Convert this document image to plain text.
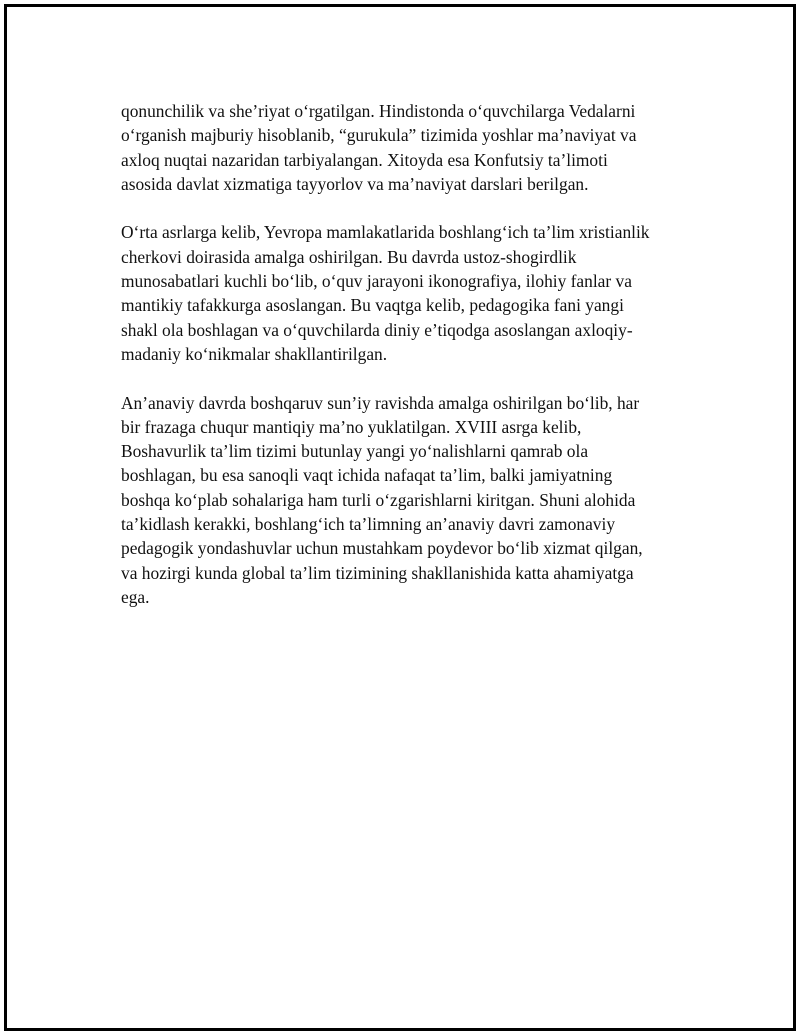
qonunchilik va she’riyat o‘rgatilgan. Hindistonda o‘quvchilarga Vedalarni
o‘rganish majburiy hisoblanib, “gurukula” tizimida yoshlar ma’naviyat va
axloq nuqtai nazaridan tarbiyalangan. Xitoyda esa Konfutsiy ta’limoti
asosida davlat xizmatiga tayyorlov va ma’naviyat darslari berilgan.

O‘rta asrlarga kelib, Yevropa mamlakatlarida boshlang‘ich ta’lim xristianlik
cherkovi doirasida amalga oshirilgan. Bu davrda ustoz-shogirdlik
munosabatlari kuchli bo‘lib, o‘quv jarayoni ikonografiya, ilohiy fanlar va
mantikiy tafakkurga asoslangan. Bu vaqtga kelib, pedagogika fani yangi
shakl ola boshlagan va o‘quvchilarda diniy e’tiqodga asoslangan axloqiy-
madaniy ko‘nikmalar shakllantirilgan.

An’anaviy davrda boshqaruv sun’iy ravishda amalga oshirilgan bo‘lib, har
bir frazaga chuqur mantiqiy ma’no yuklatilgan. XVIII asrga kelib,
Boshavurlik ta’lim tizimi butunlay yangi yo‘nalishlarni qamrab ola
boshlagan, bu esa sanoqli vaqt ichida nafaqat ta’lim, balki jamiyatning
boshqa ko‘plab sohalariga ham turli o‘zgarishlarni kiritgan. Shuni alohida
ta’kidlash kerakki, boshlang‘ich ta’limning an’anaviy davri zamonaviy
pedagogik yondashuvlar uchun mustahkam poydevor bo‘lib xizmat qilgan,
va hozirgi kunda global ta’lim tizimining shakllanishida katta ahamiyatga
ega.
